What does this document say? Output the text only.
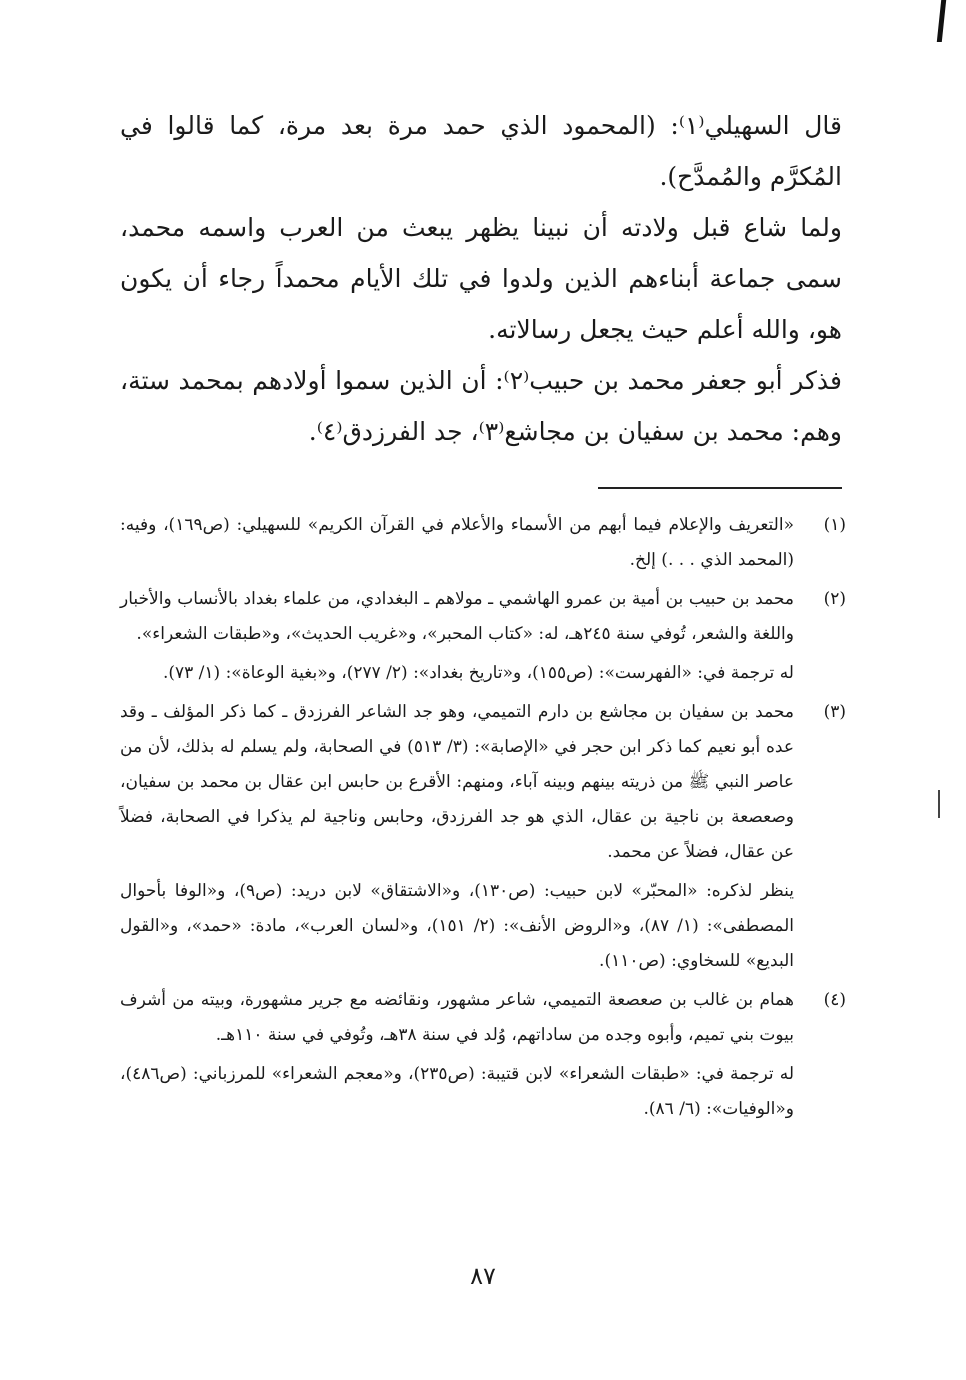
قال السهيلي⁽١⁾: (المحمود الذي حمد مرة بعد مرة، كما قالوا في المُكرَّم والمُمدَّح).

ولما شاع قبل ولادته أن نبينا يظهر يبعث من العرب واسمه محمد، سمى جماعة أبناءهم الذين ولدوا في تلك الأيام محمداً رجاء أن يكون هو، والله أعلم حيث يجعل رسالاته.

فذكر أبو جعفر محمد بن حبيب⁽٢⁾: أن الذين سموا أولادهم بمحمد ستة، وهم: محمد بن سفيان بن مجاشع⁽٣⁾، جد الفرزدق⁽٤⁾.

(١)

«التعريف والإعلام فيما أبهم من الأسماء والأعلام في القرآن الكريم» للسهيلي: (ص١٦٩)، وفيه: (المحمد الذي . . .) إلخ.

(٢)

محمد بن حبيب بن أمية بن عمرو الهاشمي ـ مولاهم ـ البغدادي، من علماء بغداد بالأنساب والأخبار واللغة والشعر، تُوفي سنة ٢٤٥هـ، له: «كتاب المحبر»، و«غريب الحديث»، و«طبقات الشعراء».

له ترجمة في: «الفهرست»: (ص١٥٥)، و«تاريخ بغداد»: (٢/ ٢٧٧)، و«بغية الوعاة»: (١/ ٧٣).

(٣)

محمد بن سفيان بن مجاشع بن دارم التميمي، وهو جد الشاعر الفرزدق ـ كما ذكر المؤلف ـ وقد عده أبو نعيم كما ذكر ابن حجر في «الإصابة»: (٣/ ٥١٣) في الصحابة، ولم يسلم له بذلك، لأن من عاصر النبي ﷺ من ذريته بينهم وبينه آباء، ومنهم: الأقرع بن حابس ابن عقال بن محمد بن سفيان، وصعصعة بن ناجية بن عقال، الذي هو جد الفرزدق، وحابس وناجية لم يذكرا في الصحابة، فضلاً عن عقال، فضلاً عن محمد.

ينظر لذكره: «المحبّر» لابن حبيب: (ص١٣٠)، و«الاشتقاق» لابن دريد: (ص٩)، و«الوفا بأحوال المصطفى»: (١/ ٨٧)، و«الروض الأنف»: (٢/ ١٥١)، و«لسان العرب»، مادة: «حمد»، و«القول البديع» للسخاوي: (ص١١٠).

(٤)

همام بن غالب بن صعصعة التميمي، شاعر مشهور، ونقائضه مع جرير مشهورة، وبيته من أشرف بيوت بني تميم، وأبوه وجده من ساداتهم، وُلد في سنة ٣٨هـ، وتُوفي في سنة ١١٠هـ.

له ترجمة في: «طبقات الشعراء» لابن قتيبة: (ص٢٣٥)، و«معجم الشعراء» للمرزباني: (ص٤٨٦)، و«الوفيات»: (٦/ ٨٦).

٨٧
